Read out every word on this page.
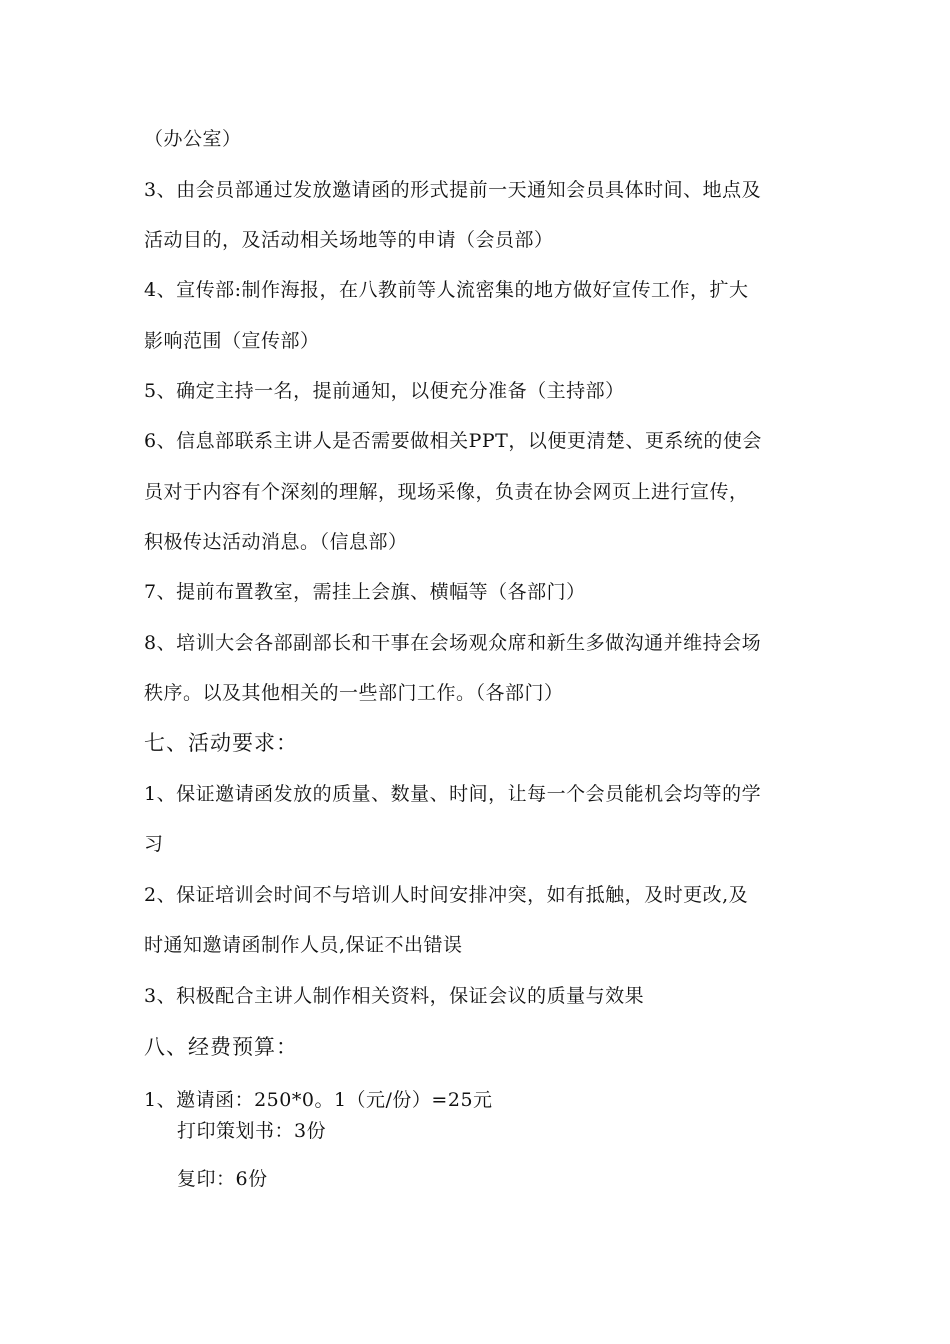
（办公室）
3、由会员部通过发放邀请函的形式提前一天通知会员具体时间、地点及
活动目的，及活动相关场地等的申请（会员部）
4、宣传部:制作海报，在八教前等人流密集的地方做好宣传工作，扩大
影响范围（宣传部）
5、确定主持一名，提前通知，以便充分准备（主持部）
6、信息部联系主讲人是否需要做相关PPT，以便更清楚、更系统的使会
员对于内容有个深刻的理解，现场采像，负责在协会网页上进行宣传，
积极传达活动消息。（信息部）
7、提前布置教室，需挂上会旗、横幅等（各部门）
8、培训大会各部副部长和干事在会场观众席和新生多做沟通并维持会场
秩序。以及其他相关的一些部门工作。（各部门）
七、活动要求：
1、保证邀请函发放的质量、数量、时间，让每一个会员能机会均等的学
习
2、保证培训会时间不与培训人时间安排冲突，如有抵触，及时更改,及
时通知邀请函制作人员,保证不出错误
3、积极配合主讲人制作相关资料，保证会议的质量与效果
八、经费预算：
1、邀请函：250*0。1（元/份）=25元
打印策划书：3份
复印：6份
